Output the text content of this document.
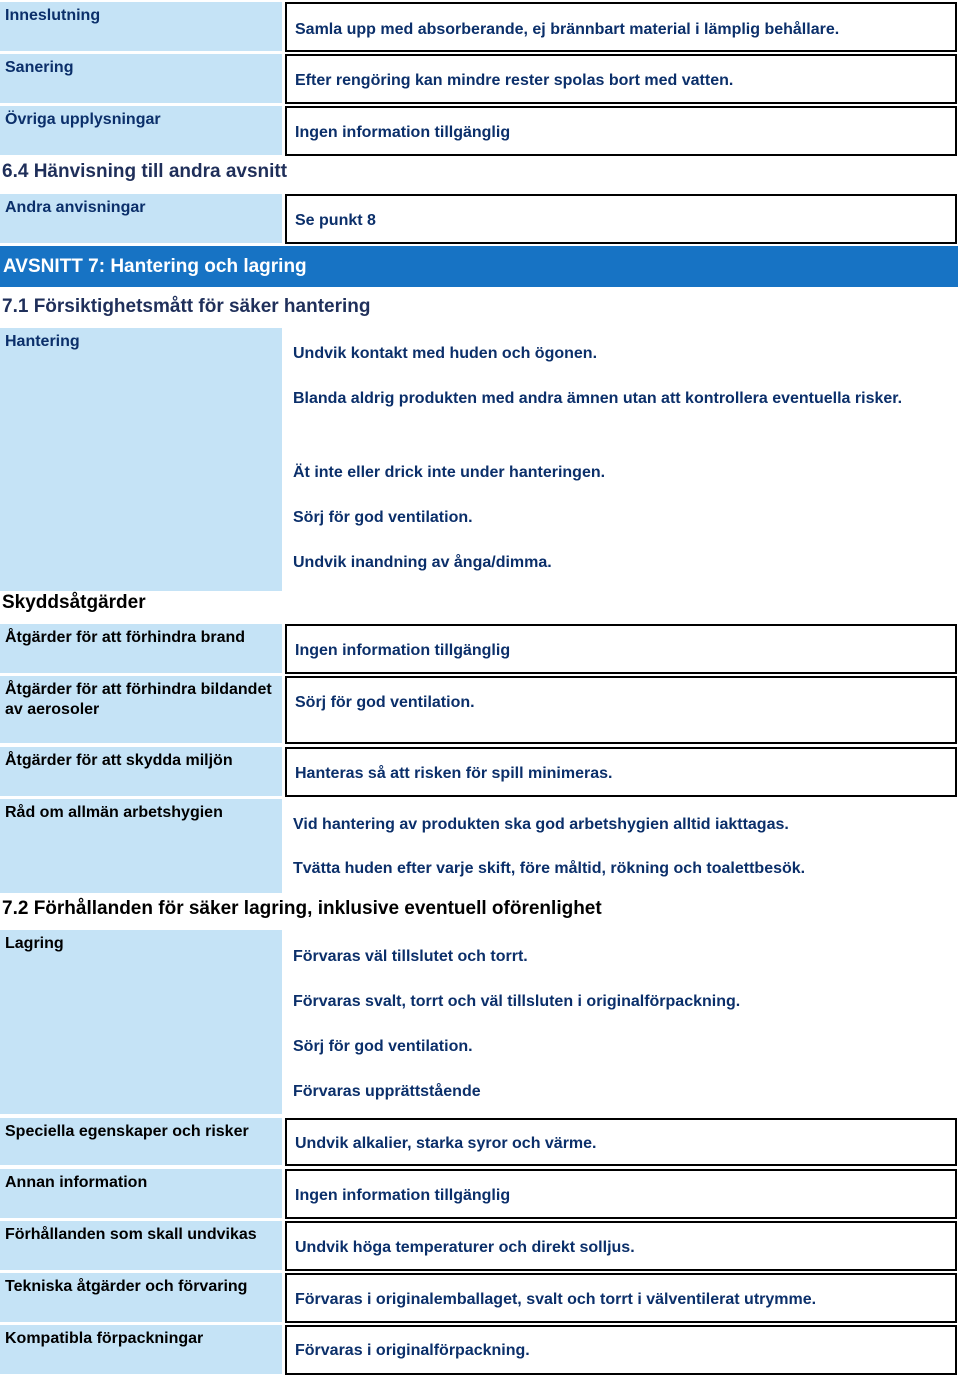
Inneslutning
Samla upp med absorberande, ej brännbart material i lämplig behållare.
Sanering
Efter rengöring kan mindre rester spolas bort med vatten.
Övriga upplysningar
Ingen information tillgänglig
6.4 Hänvisning till andra avsnitt
Andra anvisningar
Se punkt 8
AVSNITT 7: Hantering och lagring
7.1 Försiktighetsmått för säker hantering
Hantering
Undvik kontakt med huden och ögonen.
Blanda aldrig produkten med andra ämnen utan att kontrollera eventuella risker.
Ät inte eller drick inte under hanteringen.
Sörj för god ventilation.
Undvik inandning av ånga/dimma.
Skyddsåtgärder
Åtgärder för att förhindra brand
Ingen information tillgänglig
Åtgärder för att förhindra bildandet av aerosoler	Sörj för god ventilation.
Åtgärder för att skydda miljön
Hanteras så att risken för spill minimeras.
Råd om allmän arbetshygien
Vid hantering av produkten ska god arbetshygien alltid iakttagas.
Tvätta huden efter varje skift, före måltid, rökning och toalettbesök.
7.2 Förhållanden för säker lagring, inklusive eventuell oförenlighet
Lagring
Förvaras väl tillslutet och torrt.
Förvaras svalt, torrt och väl tillsluten i originalförpackning.
Sörj för god ventilation.
Förvaras upprättstående
Speciella egenskaper och risker
Undvik alkalier, starka syror och värme.
Annan information
Ingen information tillgänglig
Förhållanden som skall undvikas
Undvik höga temperaturer och direkt solljus.
Tekniska åtgärder och förvaring
Förvaras i originalemballaget, svalt och torrt i välventilerat utrymme.
Kompatibla förpackningar
Förvaras i originalförpackning.
